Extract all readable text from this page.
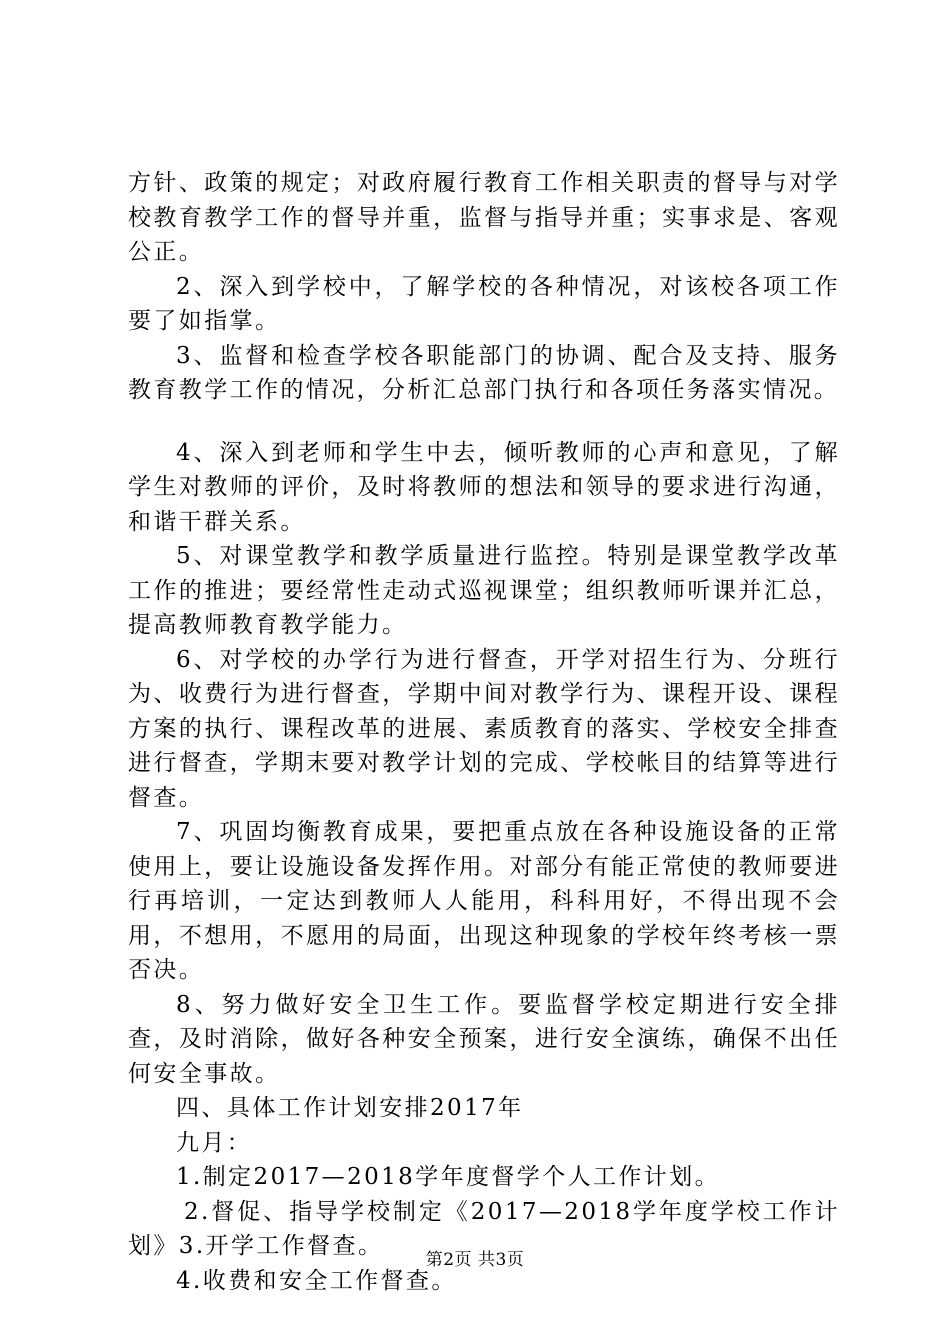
方针、政策的规定；对政府履行教育工作相关职责的督导与对学校教育教学工作的督导并重，监督与指导并重；实事求是、客观公正。

2、深入到学校中，了解学校的各种情况，对该校各项工作要了如指掌。

3、监督和检查学校各职能部门的协调、配合及支持、服务教育教学工作的情况，分析汇总部门执行和各项任务落实情况。

4、深入到老师和学生中去，倾听教师的心声和意见，了解学生对教师的评价，及时将教师的想法和领导的要求进行沟通，和谐干群关系。

5、对课堂教学和教学质量进行监控。特别是课堂教学改革工作的推进；要经常性走动式巡视课堂；组织教师听课并汇总，提高教师教育教学能力。

6、对学校的办学行为进行督查，开学对招生行为、分班行为、收费行为进行督查，学期中间对教学行为、课程开设、课程方案的执行、课程改革的进展、素质教育的落实、学校安全排查进行督查，学期末要对教学计划的完成、学校帐目的结算等进行督查。

7、巩固均衡教育成果，要把重点放在各种设施设备的正常使用上，要让设施设备发挥作用。对部分有能正常使的教师要进行再培训，一定达到教师人人能用，科科用好，不得出现不会用，不想用，不愿用的局面，出现这种现象的学校年终考核一票否决。

8、努力做好安全卫生工作。要监督学校定期进行安全排查，及时消除，做好各种安全预案，进行安全演练，确保不出任何安全事故。

四、具体工作计划安排2017年

九月：

1.制定2017—2018学年度督学个人工作计划。

2.督促、指导学校制定《2017—2018学年度学校工作计划》3.开学工作督查。

4.收费和安全工作督查。

第2页 共3页
